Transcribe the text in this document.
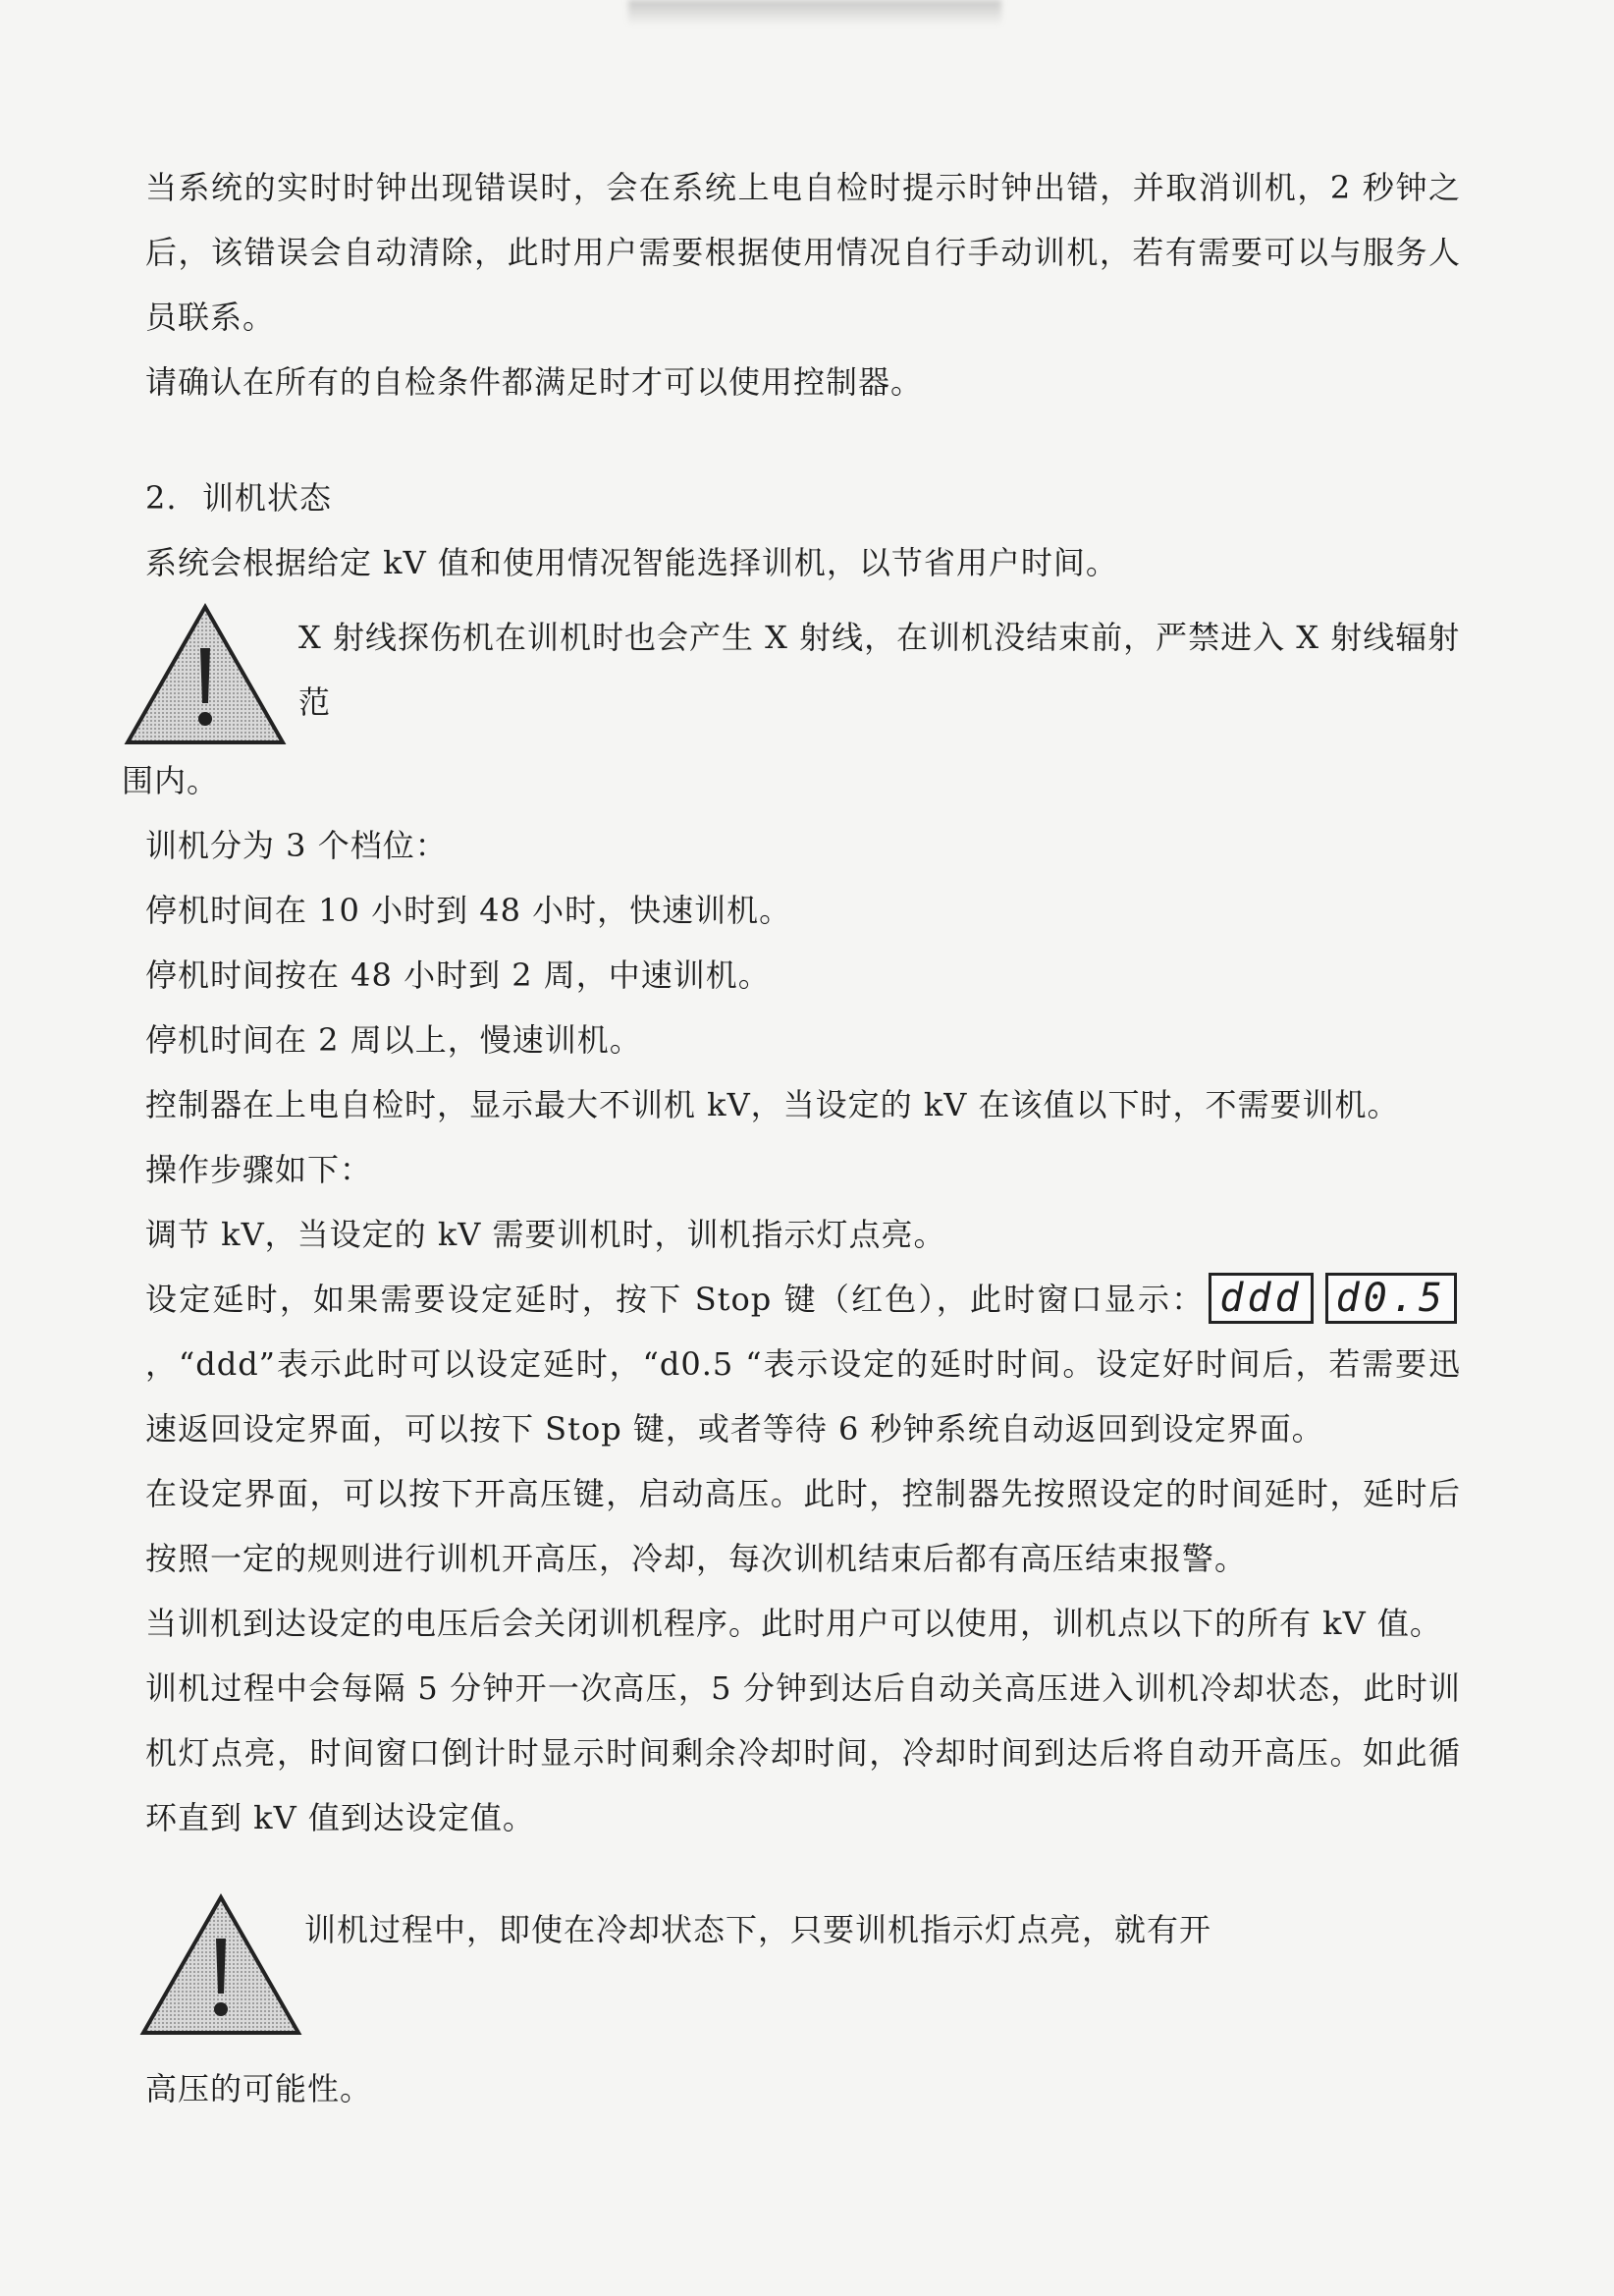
当系统的实时时钟出现错误时，会在系统上电自检时提示时钟出错，并取消训机，2 秒钟之后，该错误会自动清除，此时用户需要根据使用情况自行手动训机，若有需要可以与服务人员联系。

请确认在所有的自检条件都满足时才可以使用控制器。

2. 训机状态

系统会根据给定 kV 值和使用情况智能选择训机，以节省用户时间。

X 射线探伤机在训机时也会产生 X 射线，在训机没结束前，严禁进入 X 射线辐射范

围内。

训机分为 3 个档位：

停机时间在 10 小时到 48 小时，快速训机。

停机时间按在 48 小时到 2 周，中速训机。

停机时间在 2 周以上，慢速训机。

控制器在上电自检时，显示最大不训机 kV，当设定的 kV 在该值以下时，不需要训机。

操作步骤如下：

调节 kV，当设定的 kV 需要训机时，训机指示灯点亮。

设定延时，如果需要设定延时，按下 Stop 键（红色），此时窗口显示： ddd d0.5
，“ddd”表示此时可以设定延时，“d0.5 “表示设定的延时时间。设定好时间后，若需要迅速返回设定界面，可以按下 Stop 键，或者等待 6 秒钟系统自动返回到设定界面。

在设定界面，可以按下开高压键，启动高压。此时，控制器先按照设定的时间延时，延时后按照一定的规则进行训机开高压，冷却，每次训机结束后都有高压结束报警。

当训机到达设定的电压后会关闭训机程序。此时用户可以使用，训机点以下的所有 kV 值。

训机过程中会每隔 5 分钟开一次高压，5 分钟到达后自动关高压进入训机冷却状态，此时训机灯点亮，时间窗口倒计时显示时间剩余冷却时间，冷却时间到达后将自动开高压。如此循环直到 kV 值到达设定值。

训机过程中，即使在冷却状态下，只要训机指示灯点亮，就有开

高压的可能性。
